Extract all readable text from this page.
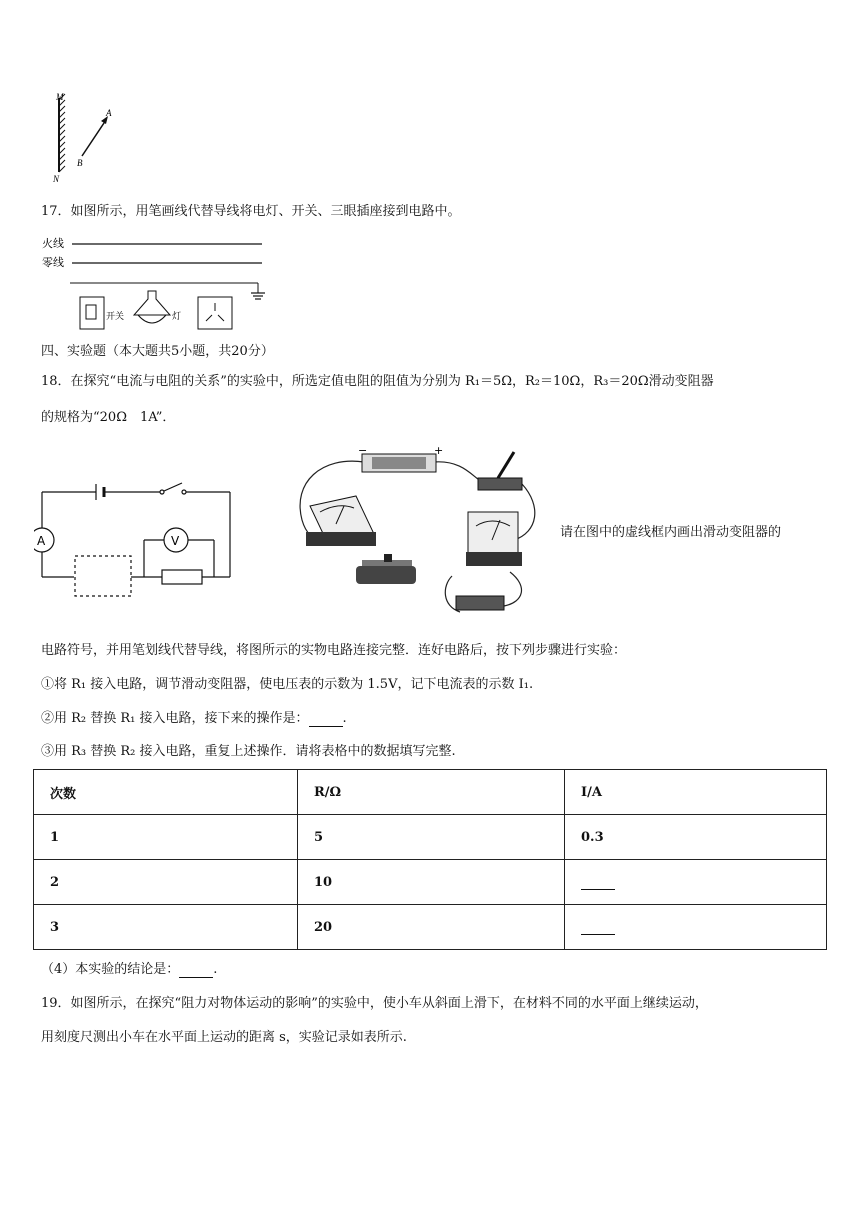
M
A
B
N
17．如图所示，用笔画线代替导线将电灯、开关、三眼插座接到电路中。
火线
零线
开关	灯
四、实验题（本大题共5小题，共20分）
18．在探究“电流与电阻的关系”的实验中，所选定值电阻的阻值为分别为 R₁＝5Ω，R₂＝10Ω，R₃＝20Ω滑动变阻器
的规格为“20Ω　1A”．
A	V
−	+
请在图中的虚线框内画出滑动变阻器的
电路符号，并用笔划线代替导线，将图所示的实物电路连接完整．连好电路后，按下列步骤进行实验：
①将 R₁ 接入电路，调节滑动变阻器，使电压表的示数为 1.5V，记下电流表的示数 I₁.
②用 R₂ 替换 R₁ 接入电路，接下来的操作是：	.
③用 R₃ 替换 R₂ 接入电路，重复上述操作．请将表格中的数据填写完整.
次数	R/Ω	I/A
1	5	0.3
2	10	
3	20	
（4）本实验的结论是：	.
19．如图所示，在探究“阻力对物体运动的影响”的实验中，使小车从斜面上滑下，在材料不同的水平面上继续运动，
用刻度尺测出小车在水平面上运动的距离 s，实验记录如表所示.
